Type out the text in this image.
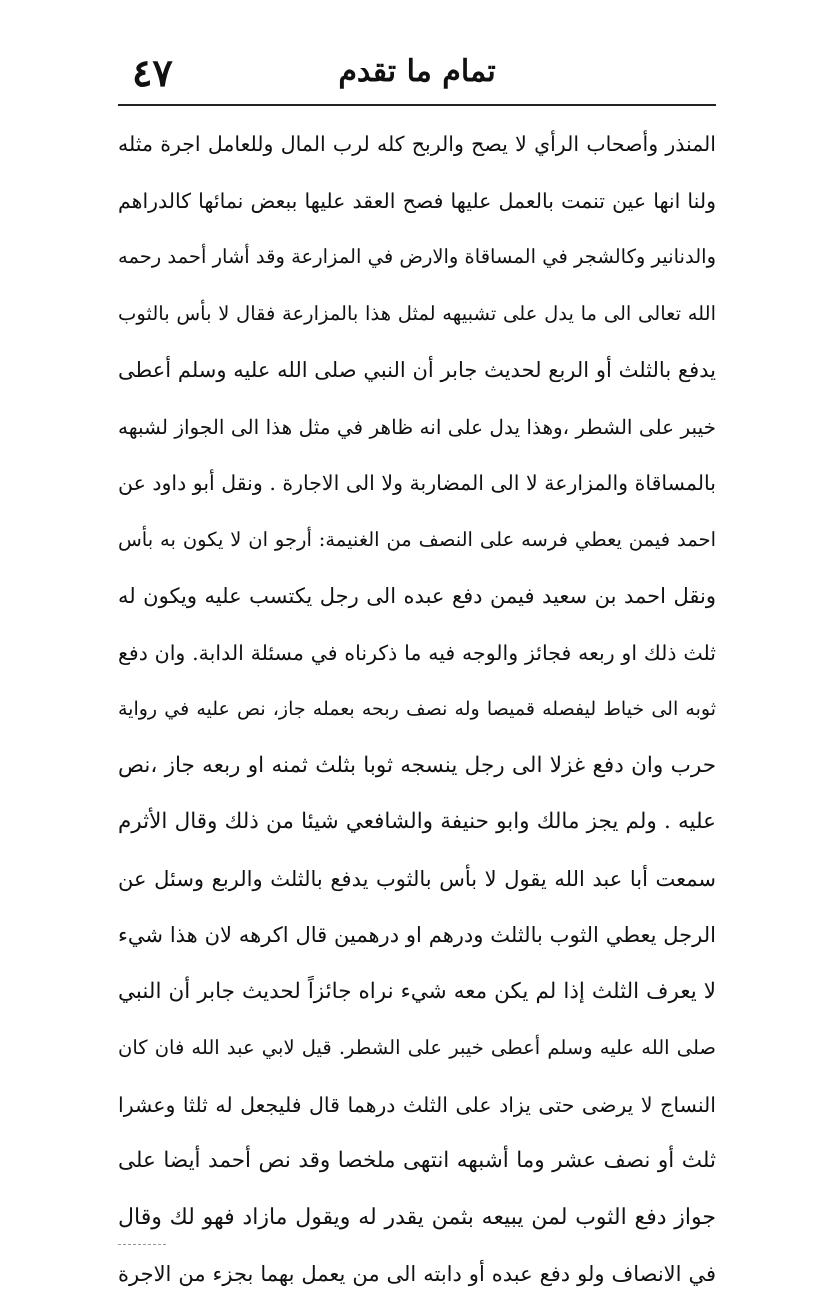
تمام ما تقدم
٤٧
المنذر وأصحاب الرأي لا يصح والربح كله لرب المال وللعامل اجرة مثله
ولنا انها عين تنمت بالعمل عليها فصح العقد عليها ببعض نمائها كالدراهم
والدنانير وكالشجر في المساقاة والارض في المزارعة وقد أشار أحمد رحمه
الله تعالى الى ما يدل على تشبيهه لمثل هذا بالمزارعة فقال لا بأس بالثوب
يدفع بالثلث أو الربع لحديث جابر أن النبي صلى الله عليه وسلم أعطى
خيبر على الشطر ،وهذا يدل على انه ظاهر في مثل هذا الى الجواز لشبهه
بالمساقاة والمزارعة لا الى المضاربة ولا الى الاجارة . ونقل أبو داود عن
احمد فيمن يعطي فرسه على النصف من الغنيمة: أرجو ان لا يكون به بأس
ونقل احمد بن سعيد فيمن دفع عبده الى رجل يكتسب عليه ويكون له
ثلث ذلك او ربعه فجائز والوجه فيه ما ذكرناه في مسئلة الدابة. وان دفع
ثوبه الى خياط ليفصله قميصا وله نصف ربحه بعمله جاز، نص عليه في رواية
حرب وان دفع غزلا الى رجل ينسجه ثوبا بثلث ثمنه او ربعه جاز ،نص
عليه . ولم يجز مالك وابو حنيفة والشافعي شيئا من ذلك وقال الأثرم
سمعت أبا عبد الله يقول لا بأس بالثوب يدفع بالثلث والربع وسئل عن
الرجل يعطي الثوب بالثلث ودرهم او درهمين قال اكرهه لان هذا شيء
لا يعرف الثلث إذا لم يكن معه شيء نراه جائزاً لحديث جابر أن النبي
صلى الله عليه وسلم أعطى خيبر على الشطر. قيل لابي عبد الله فان كان
النساج لا يرضى حتى يزاد على الثلث درهما قال فليجعل له ثلثا وعشرا
ثلث أو نصف عشر وما أشبهه انتهى ملخصا وقد نص أحمد أيضا على
جواز دفع الثوب لمن يبيعه بثمن يقدر له ويقول مازاد فهو لك وقال
في الانصاف ولو دفع عبده أو دابته الى من يعمل بهما بجزء من الاجرة
